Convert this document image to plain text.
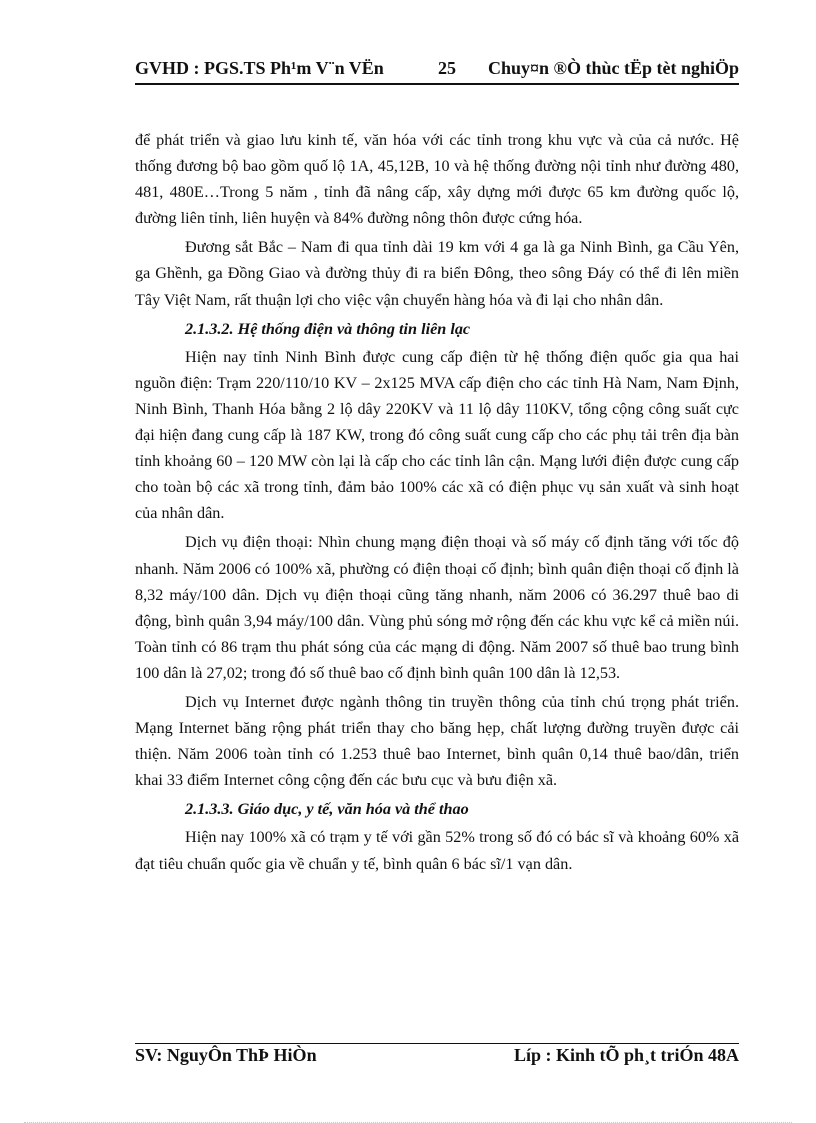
GVHD : PGS.TS Ph¹m V¨n VËn	25 Chuy¤n ®Ò thùc tËp tèt nghiÖp

để phát triển và giao lưu kinh tế, văn hóa với các tỉnh trong khu vực và của cả nước. Hệ thống đương bộ bao gồm quố lộ 1A, 45,12B, 10 và hệ thống đường nội tỉnh như đường 480, 481, 480E…Trong 5 năm , tỉnh đã nâng cấp, xây dựng mới được 65 km đường quốc lộ, đường liên tỉnh, liên huyện và 84% đường nông thôn được cứng hóa.

Đương sắt Bắc – Nam đi qua tỉnh dài 19 km với 4 ga là ga Ninh Bình, ga Cầu Yên, ga Ghềnh, ga Đồng Giao và đường thủy đi ra biển Đông, theo sông Đáy có thể đi lên miền Tây Việt Nam, rất thuận lợi cho việc vận chuyển hàng hóa và đi lại cho nhân dân.

2.1.3.2. Hệ thống điện và thông tin liên lạc

Hiện nay tỉnh Ninh Bình được cung cấp điện từ hệ thống điện quốc gia qua hai nguồn điện: Trạm 220/110/10 KV – 2x125 MVA cấp điện cho các tỉnh Hà Nam, Nam Định, Ninh Bình, Thanh Hóa bằng 2 lộ dây 220KV và 11 lộ dây 110KV, tổng cộng công suất cực đại hiện đang cung cấp là 187 KW, trong đó công suất cung cấp cho các phụ tải trên địa bàn tỉnh khoảng 60 – 120 MW còn lại là cấp cho các tỉnh lân cận. Mạng lưới điện được cung cấp cho toàn bộ các xã trong tỉnh, đảm bảo 100% các xã có điện phục vụ sản xuất và sinh hoạt của nhân dân.

Dịch vụ điện thoại: Nhìn chung mạng điện thoại và số máy cố định tăng với tốc độ nhanh. Năm 2006 có 100% xã, phường có điện thoại cố định; bình quân điện thoại cố định là 8,32 máy/100 dân. Dịch vụ điện thoại cũng tăng nhanh, năm 2006 có 36.297 thuê bao di động, bình quân 3,94 máy/100 dân. Vùng phủ sóng mở rộng đến các khu vực kể cả miền núi. Toàn tỉnh có 86 trạm thu phát sóng của các mạng di động. Năm 2007 số thuê bao trung bình 100 dân là 27,02; trong đó số thuê bao cố định bình quân 100 dân là 12,53.

Dịch vụ Internet được ngành thông tin truyền thông của tỉnh chú trọng phát triển. Mạng Internet băng rộng phát triển thay cho băng hẹp, chất lượng đường truyền được cải thiện. Năm 2006 toàn tỉnh có 1.253 thuê bao Internet, bình quân 0,14 thuê bao/dân, triển khai 33 điểm Internet công cộng đến các bưu cục và bưu điện xã.

2.1.3.3. Giáo dục, y tế, văn hóa và thể thao

Hiện nay 100% xã có trạm y tế với gần 52% trong số đó có bác sĩ và khoảng 60% xã đạt tiêu chuẩn quốc gia về chuẩn y tế, bình quân 6 bác sĩ/1 vạn dân.

SV: NguyÔn ThÞ HiÒn	Líp : Kinh tÕ ph¸t triÓn 48A
